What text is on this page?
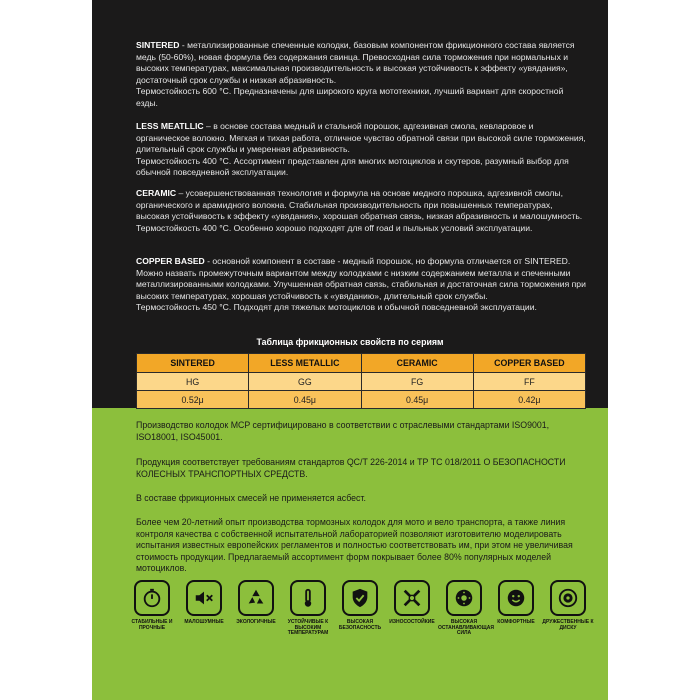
SINTERED - металлизированные спеченные колодки, базовым компонентом фрикционного состава является медь (50-60%), новая формула без содержания свинца. Превосходная сила торможения при нормальных и высоких температурах, максимальная производительность и высокая устойчивость к эффекту «увядания», достаточный срок службы и низкая абразивность.
Термостойкость 600 °С. Предназначены для широкого круга мототехники, лучший вариант для скоростной езды.

LESS MEATLLIC – в основе состава медный и стальной порошок, адгезивная смола, кевларовое и органическое волокно. Мягкая и тихая работа, отличное чувство обратной связи при высокой силе торможения, длительный срок службы и умеренная абразивность.
Термостойкость 400 °С. Ассортимент представлен для многих мотоциклов и скутеров, разумный выбор для обычной повседневной эксплуатации.

CERAMIC – усовершенствованная технология и формула на основе медного порошка, адгезивной смолы, органического и арамидного волокна. Стабильная производительность при повышенных температурах, высокая устойчивость к эффекту «увядания», хорошая обратная связь, низкая абразивность и малошумность.
Термостойкость 400 °С. Особенно хорошо подходят для off road и пыльных условий эксплуатации.

COPPER BASED - основной компонент в составе - медный порошок, но формула отличается от SINTERED. Можно назвать промежуточным вариантом между колодками с низким содержанием металла и спеченными металлизированными колодками. Улучшенная обратная связь, стабильная и достаточная сила торможения при высоких температурах, хорошая устойчивость к «увяданию», длительный срок службы.
Термостойкость 450 °С. Подходят для тяжелых мотоциклов и обычной повседневной эксплуатации.

Таблица фрикционных свойств по сериям
SINTERED	LESS METALLIC	CERAMIC	COPPER BASED
HG	GG	FG	FF
0.52μ	0.45μ	0.45μ	0.42μ

Производство колодок MCP сертифицировано в соответствии с отраслевыми стандартами ISO9001, ISO18001, ISO45001.

Продукция соответствует требованиям стандартов QC/T 226-2014 и ТР ТС 018/2011 О БЕЗОПАСНОСТИ КОЛЕСНЫХ ТРАНСПОРТНЫХ СРЕДСТВ.

В составе фрикционных смесей не применяется асбест.

Более чем 20-летний опыт производства тормозных колодок для мото и вело транспорта, а также линия контроля качества с собственной испытательной лабораторией позволяют изготовителю моделировать испытания известных европейских регламентов и полностью соответствовать им, при этом не увеличивая стоимость продукции. Предлагаемый ассортимент форм покрывает более 80% популярных моделей мотоциклов.

СТАБИЛЬНЫЕ И ПРОЧНЫЕ
МАЛОШУМНЫЕ	ЭКОЛОГИЧНЫЕ	УСТОЙЧИВЫЕ К ВЫСОКИМ ТЕМПЕРАТУРАМ
ВЫСОКАЯ БЕЗОПАСНОСТЬ
ИЗНОСОСТОЙКИЕ	ВЫСОКАЯ ОСТАНАВЛИВАЮЩАЯ СИЛА
КОМФОРТНЫЕ	ДРУЖЕСТВЕННЫЕ К ДИСКУ
